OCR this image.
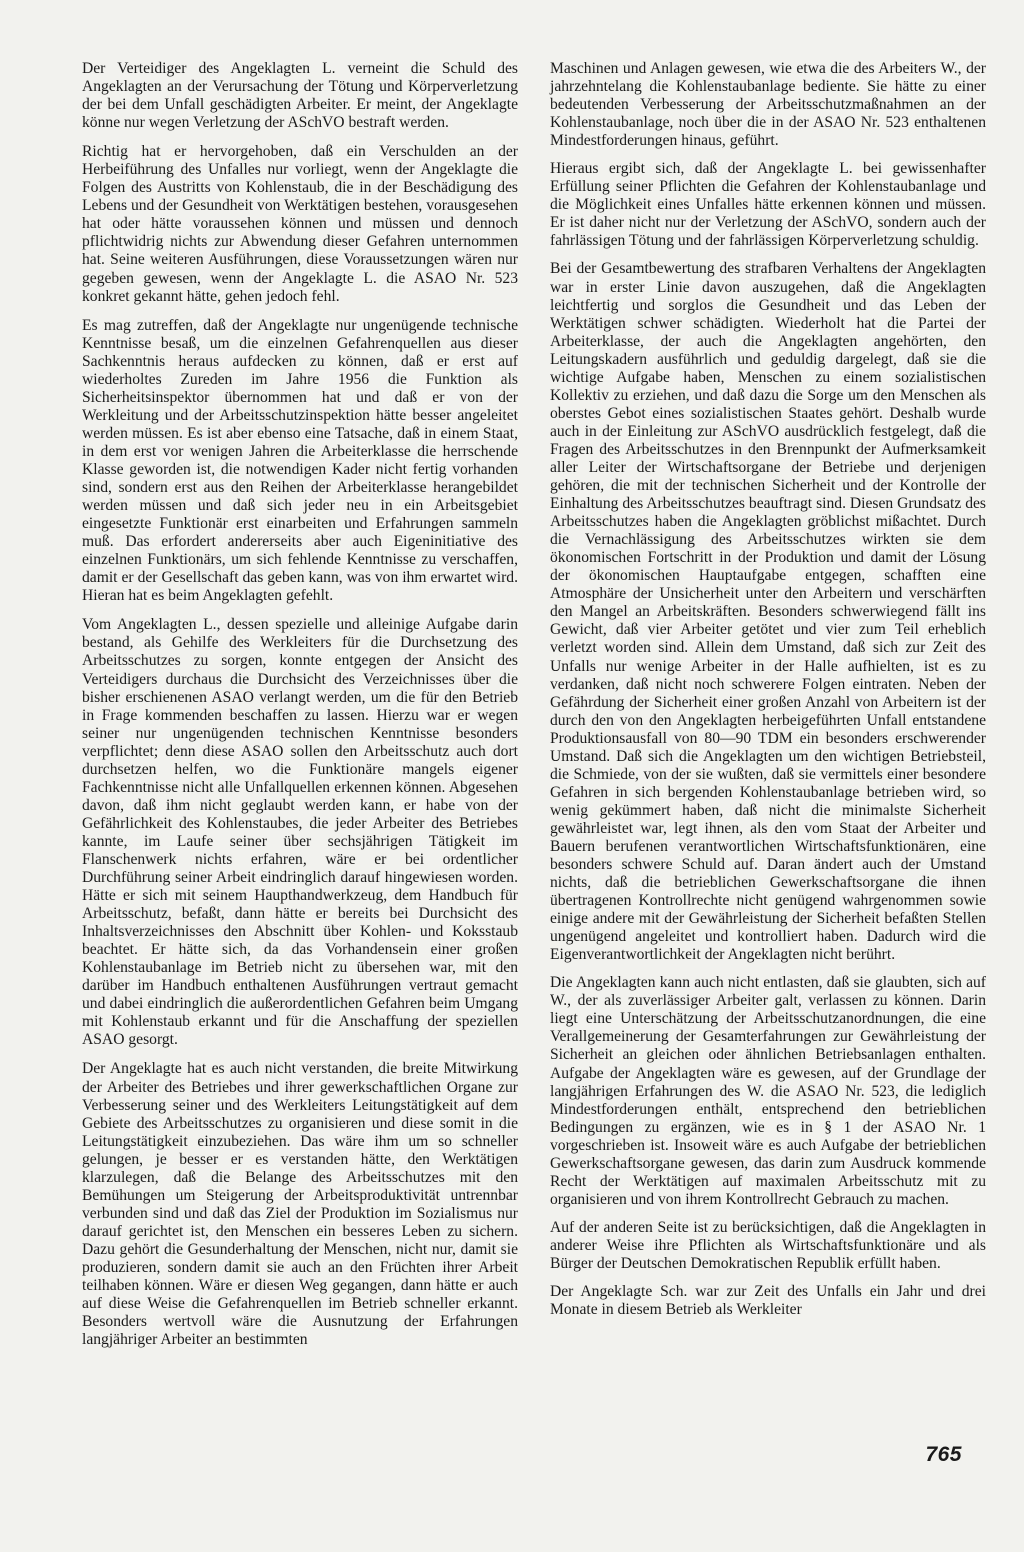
Der Verteidiger des Angeklagten L. verneint die Schuld des Angeklagten an der Verursachung der Tötung und Körperverletzung der bei dem Unfall geschädigten Arbeiter. Er meint, der Angeklagte könne nur wegen Verletzung der ASchVO bestraft werden.

Richtig hat er hervorgehoben, daß ein Verschulden an der Herbeiführung des Unfalles nur vorliegt, wenn der Angeklagte die Folgen des Austritts von Kohlenstaub, die in der Beschädigung des Lebens und der Gesundheit von Werktätigen bestehen, vorausgesehen hat oder hätte voraussehen können und müssen und dennoch pflichtwidrig nichts zur Abwendung dieser Gefahren unternommen hat. Seine weiteren Ausführungen, diese Voraussetzungen wären nur gegeben gewesen, wenn der Angeklagte L. die ASAO Nr. 523 konkret gekannt hätte, gehen jedoch fehl.

Es mag zutreffen, daß der Angeklagte nur ungenügende technische Kenntnisse besaß, um die einzelnen Gefahrenquellen aus dieser Sachkenntnis heraus aufdecken zu können, daß er erst auf wiederholtes Zureden im Jahre 1956 die Funktion als Sicherheitsinspektor übernommen hat und daß er von der Werkleitung und der Arbeitsschutzinspektion hätte besser angeleitet werden müssen. Es ist aber ebenso eine Tatsache, daß in einem Staat, in dem erst vor wenigen Jahren die Arbeiterklasse die herrschende Klasse geworden ist, die notwendigen Kader nicht fertig vorhanden sind, sondern erst aus den Reihen der Arbeiterklasse herangebildet werden müssen und daß sich jeder neu in ein Arbeitsgebiet eingesetzte Funktionär erst einarbeiten und Erfahrungen sammeln muß. Das erfordert andererseits aber auch Eigeninitiative des einzelnen Funktionärs, um sich fehlende Kenntnisse zu verschaffen, damit er der Gesellschaft das geben kann, was von ihm erwartet wird. Hieran hat es beim Angeklagten gefehlt.

Vom Angeklagten L., dessen spezielle und alleinige Aufgabe darin bestand, als Gehilfe des Werkleiters für die Durchsetzung des Arbeitsschutzes zu sorgen, konnte entgegen der Ansicht des Verteidigers durchaus die Durchsicht des Verzeichnisses über die bisher erschienenen ASAO verlangt werden, um die für den Betrieb in Frage kommenden beschaffen zu lassen. Hierzu war er wegen seiner nur ungenügenden technischen Kenntnisse besonders verpflichtet; denn diese ASAO sollen den Arbeitsschutz auch dort durchsetzen helfen, wo die Funktionäre mangels eigener Fachkenntnisse nicht alle Unfallquellen erkennen können. Abgesehen davon, daß ihm nicht geglaubt werden kann, er habe von der Gefährlichkeit des Kohlenstaubes, die jeder Arbeiter des Betriebes kannte, im Laufe seiner über sechsjährigen Tätigkeit im Flanschenwerk nichts erfahren, wäre er bei ordentlicher Durchführung seiner Arbeit eindringlich darauf hingewiesen worden. Hätte er sich mit seinem Haupthandwerkzeug, dem Handbuch für Arbeitsschutz, befaßt, dann hätte er bereits bei Durchsicht des Inhaltsverzeichnisses den Abschnitt über Kohlen- und Koksstaub beachtet. Er hätte sich, da das Vorhandensein einer großen Kohlenstaubanlage im Betrieb nicht zu übersehen war, mit den darüber im Handbuch enthaltenen Ausführungen vertraut gemacht und dabei eindringlich die außerordentlichen Gefahren beim Umgang mit Kohlenstaub erkannt und für die Anschaffung der speziellen ASAO gesorgt.

Der Angeklagte hat es auch nicht verstanden, die breite Mitwirkung der Arbeiter des Betriebes und ihrer gewerkschaftlichen Organe zur Verbesserung seiner und des Werkleiters Leitungstätigkeit auf dem Gebiete des Arbeitsschutzes zu organisieren und diese somit in die Leitungstätigkeit einzubeziehen. Das wäre ihm um so schneller gelungen, je besser er es verstanden hätte, den Werktätigen klarzulegen, daß die Belange des Arbeitsschutzes mit den Bemühungen um Steigerung der Arbeitsproduktivität untrennbar verbunden sind und daß das Ziel der Produktion im Sozialismus nur darauf gerichtet ist, den Menschen ein besseres Leben zu sichern. Dazu gehört die Gesunderhaltung der Menschen, nicht nur, damit sie produzieren, sondern damit sie auch an den Früchten ihrer Arbeit teilhaben können. Wäre er diesen Weg gegangen, dann hätte er auch auf diese Weise die Gefahrenquellen im Betrieb schneller erkannt. Besonders wertvoll wäre die Ausnutzung der Erfahrungen langjähriger Arbeiter an bestimmten

Maschinen und Anlagen gewesen, wie etwa die des Arbeiters W., der jahrzehntelang die Kohlenstaubanlage bediente. Sie hätte zu einer bedeutenden Verbesserung der Arbeitsschutzmaßnahmen an der Kohlenstaubanlage, noch über die in der ASAO Nr. 523 enthaltenen Mindestforderungen hinaus, geführt.

Hieraus ergibt sich, daß der Angeklagte L. bei gewissenhafter Erfüllung seiner Pflichten die Gefahren der Kohlenstaubanlage und die Möglichkeit eines Unfalles hätte erkennen können und müssen. Er ist daher nicht nur der Verletzung der ASchVO, sondern auch der fahrlässigen Tötung und der fahrlässigen Körperverletzung schuldig.

Bei der Gesamtbewertung des strafbaren Verhaltens der Angeklagten war in erster Linie davon auszugehen, daß die Angeklagten leichtfertig und sorglos die Gesundheit und das Leben der Werktätigen schwer schädigten. Wiederholt hat die Partei der Arbeiterklasse, der auch die Angeklagten angehörten, den Leitungskadern ausführlich und geduldig dargelegt, daß sie die wichtige Aufgabe haben, Menschen zu einem sozialistischen Kollektiv zu erziehen, und daß dazu die Sorge um den Menschen als oberstes Gebot eines sozialistischen Staates gehört. Deshalb wurde auch in der Einleitung zur ASchVO ausdrücklich festgelegt, daß die Fragen des Arbeitsschutzes in den Brennpunkt der Aufmerksamkeit aller Leiter der Wirtschaftsorgane der Betriebe und derjenigen gehören, die mit der technischen Sicherheit und der Kontrolle der Einhaltung des Arbeitsschutzes beauftragt sind. Diesen Grundsatz des Arbeitsschutzes haben die Angeklagten gröblichst mißachtet. Durch die Vernachlässigung des Arbeitsschutzes wirkten sie dem ökonomischen Fortschritt in der Produktion und damit der Lösung der ökonomischen Hauptaufgabe entgegen, schafften eine Atmosphäre der Unsicherheit unter den Arbeitern und verschärften den Mangel an Arbeitskräften. Besonders schwerwiegend fällt ins Gewicht, daß vier Arbeiter getötet und vier zum Teil erheblich verletzt worden sind. Allein dem Umstand, daß sich zur Zeit des Unfalls nur wenige Arbeiter in der Halle aufhielten, ist es zu verdanken, daß nicht noch schwerere Folgen eintraten. Neben der Gefährdung der Sicherheit einer großen Anzahl von Arbeitern ist der durch den von den Angeklagten herbeigeführten Unfall entstandene Produktionsausfall von 80—90 TDM ein besonders erschwerender Umstand. Daß sich die Angeklagten um den wichtigen Betriebsteil, die Schmiede, von der sie wußten, daß sie vermittels einer besondere Gefahren in sich bergenden Kohlenstaubanlage betrieben wird, so wenig gekümmert haben, daß nicht die minimalste Sicherheit gewährleistet war, legt ihnen, als den vom Staat der Arbeiter und Bauern berufenen verantwortlichen Wirtschaftsfunktionären, eine besonders schwere Schuld auf. Daran ändert auch der Umstand nichts, daß die betrieblichen Gewerkschaftsorgane die ihnen übertragenen Kontrollrechte nicht genügend wahrgenommen sowie einige andere mit der Gewährleistung der Sicherheit befaßten Stellen ungenügend angeleitet und kontrolliert haben. Dadurch wird die Eigenverantwortlichkeit der Angeklagten nicht berührt.

Die Angeklagten kann auch nicht entlasten, daß sie glaubten, sich auf W., der als zuverlässiger Arbeiter galt, verlassen zu können. Darin liegt eine Unterschätzung der Arbeitsschutzanordnungen, die eine Verallgemeinerung der Gesamterfahrungen zur Gewährleistung der Sicherheit an gleichen oder ähnlichen Betriebsanlagen enthalten. Aufgabe der Angeklagten wäre es gewesen, auf der Grundlage der langjährigen Erfahrungen des W. die ASAO Nr. 523, die lediglich Mindestforderungen enthält, entsprechend den betrieblichen Bedingungen zu ergänzen, wie es in § 1 der ASAO Nr. 1 vorgeschrieben ist. Insoweit wäre es auch Aufgabe der betrieblichen Gewerkschaftsorgane gewesen, das darin zum Ausdruck kommende Recht der Werktätigen auf maximalen Arbeitsschutz mit zu organisieren und von ihrem Kontrollrecht Gebrauch zu machen.

Auf der anderen Seite ist zu berücksichtigen, daß die Angeklagten in anderer Weise ihre Pflichten als Wirtschaftsfunktionäre und als Bürger der Deutschen Demokratischen Republik erfüllt haben.

Der Angeklagte Sch. war zur Zeit des Unfalls ein Jahr und drei Monate in diesem Betrieb als Werkleiter

765
